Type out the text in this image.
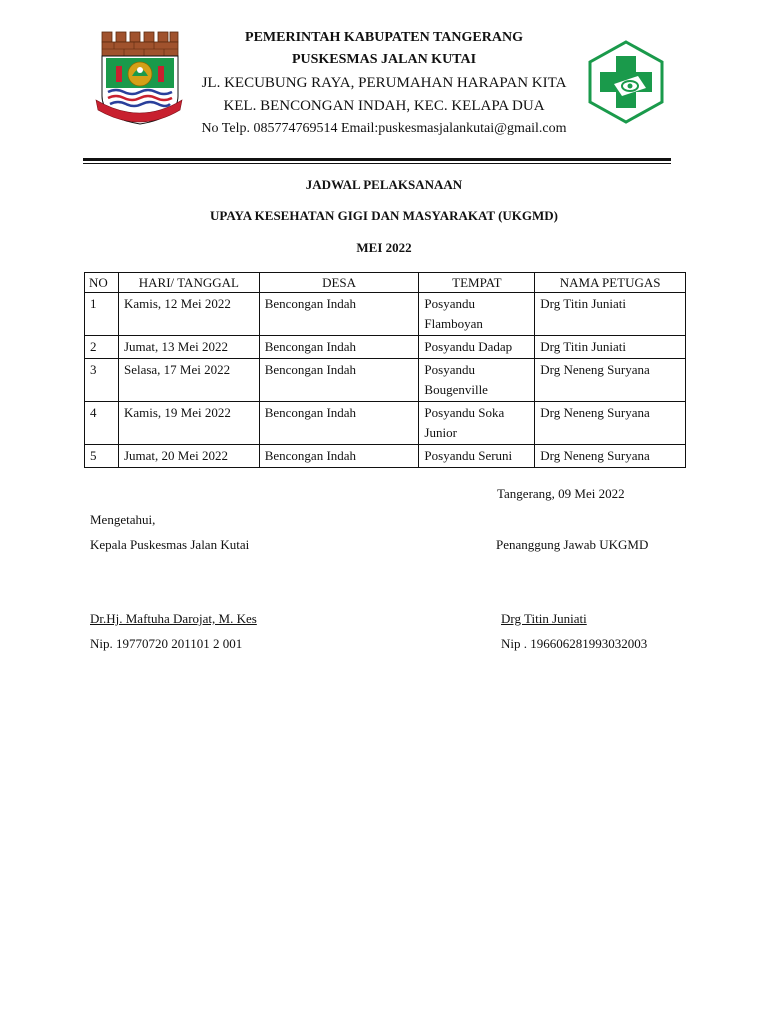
PEMERINTAH KABUPATEN TANGERANG
PUSKESMAS JALAN KUTAI
JL. KECUBUNG RAYA, PERUMAHAN HARAPAN KITA
KEL. BENCONGAN INDAH, KEC. KELAPA DUA
No Telp. 085774769514 Email:puskesmasjalankutai@gmail.com
JADWAL PELAKSANAAN
UPAYA KESEHATAN GIGI DAN MASYARAKAT (UKGMD)
MEI 2022
NO	HARI/ TANGGAL	DESA	TEMPAT	NAMA PETUGAS
1	Kamis, 12 Mei 2022	Bencongan Indah	Posyandu Flamboyan	Drg Titin Juniati
2	Jumat, 13 Mei 2022	Bencongan Indah	Posyandu Dadap	Drg Titin Juniati
3	Selasa, 17 Mei 2022	Bencongan Indah	Posyandu Bougenville	Drg Neneng Suryana
4	Kamis, 19 Mei 2022	Bencongan Indah	Posyandu Soka Junior	Drg Neneng Suryana
5	Jumat, 20 Mei 2022	Bencongan Indah	Posyandu Seruni	Drg Neneng Suryana
Tangerang, 09 Mei 2022
Mengetahui,
Kepala Puskesmas Jalan Kutai	Penanggung Jawab UKGMD
Dr.Hj. Maftuha Darojat, M. Kes
Nip. 19770720 201101 2 001
Drg Titin Juniati
Nip . 196606281993032003
